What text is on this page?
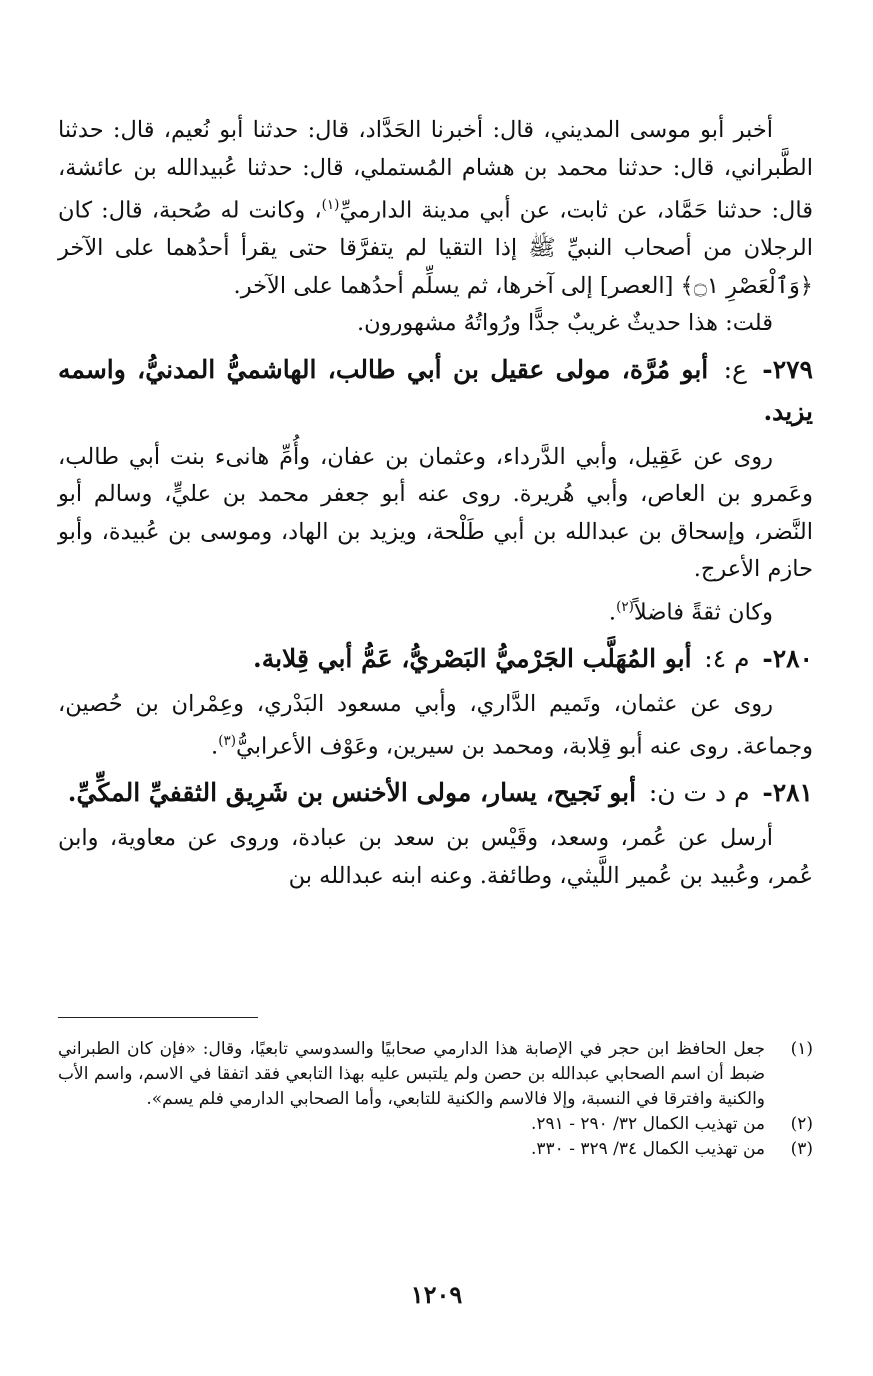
أخبر أبو موسى المديني، قال: أخبرنا الحَدَّاد، قال: حدثنا أبو نُعيم، قال: حدثنا الطَّبراني، قال: حدثنا محمد بن هشام المُستملي، قال: حدثنا عُبيدالله بن عائشة، قال: حدثنا حَمَّاد، عن ثابت، عن أبي مدينة الدارميِّ$^{(١)}$، وكانت له صُحبة، قال: كان الرجلان من أصحاب النبيِّ ﷺ إذا التقيا لم يتفرَّقا حتى يقرأ أحدُهما على الآخر ﴿وَٱلْعَصْرِ ۝١﴾ [العصر] إلى آخرها، ثم يسلِّم أحدُهما على الآخر.

قلت: هذا حديثٌ غريبٌ جدًّا ورُواتُهُ مشهورون.

٢٧٩- ع: أبو مُرَّة، مولى عقيل بن أبي طالب، الهاشميُّ المدنيُّ، واسمه يزيد.

روى عن عَقِيل، وأبي الدَّرداء، وعثمان بن عفان، وأُمِّ هانىء بنت أبي طالب، وعَمرو بن العاص، وأبي هُريرة. روى عنه أبو جعفر محمد بن عليٍّ، وسالم أبو النَّضر، وإسحاق بن عبدالله بن أبي طَلْحة، ويزيد بن الهاد، وموسى بن عُبيدة، وأبو حازم الأعرج.

وكان ثقةً فاضلاً$^{(٢)}$.

٢٨٠- م ٤: أبو المُهَلَّب الجَرْميُّ البَصْريُّ، عَمُّ أبي قِلابة.

روى عن عثمان، وتَميم الدَّاري، وأبي مسعود البَدْري، وعِمْران بن حُصين، وجماعة. روى عنه أبو قِلابة، ومحمد بن سيرين، وعَوْف الأعرابيُّ$^{(٣)}$.

٢٨١- م د ت ن: أبو نَجيح، يسار، مولى الأخنس بن شَرِيق الثقفيِّ المكِّيِّ.

أرسل عن عُمر، وسعد، وقَيْس بن سعد بن عبادة، وروى عن معاوية، وابن عُمر، وعُبيد بن عُمير اللَّيثي، وطائفة. وعنه ابنه عبدالله بن

(١)
جعل الحافظ ابن حجر في الإصابة هذا الدارمي صحابيًا والسدوسي تابعيًا، وقال: «فإن كان الطبراني ضبط أن اسم الصحابي عبدالله بن حصن ولم يلتبس عليه بهذا التابعي فقد اتفقا في الاسم، واسم الأب والكنية وافترقا في النسبة، وإلا فالاسم والكنية للتابعي، وأما الصحابي الدارمي فلم يسم».
(٢)
من تهذيب الكمال ٣٢/ ٢٩٠ - ٢٩١.
(٣)
من تهذيب الكمال ٣٤/ ٣٢٩ - ٣٣٠.
١٢٠٩
